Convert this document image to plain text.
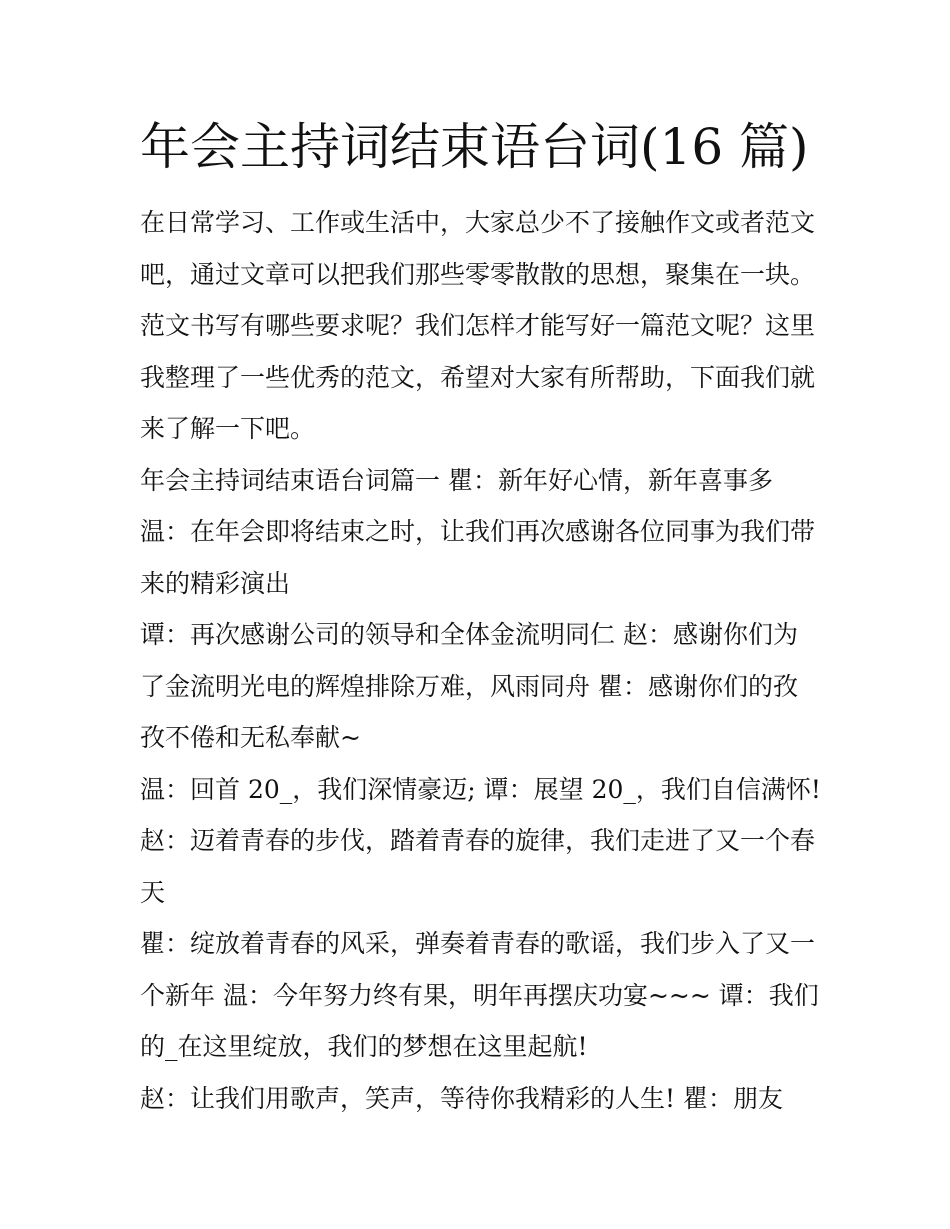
年会主持词结束语台词(16 篇)
在日常学习、工作或生活中，大家总少不了接触作文或者范文
吧，通过文章可以把我们那些零零散散的思想，聚集在一块。
范文书写有哪些要求呢？我们怎样才能写好一篇范文呢？这里
我整理了一些优秀的范文，希望对大家有所帮助，下面我们就
来了解一下吧。
年会主持词结束语台词篇一 瞿：新年好心情，新年喜事多
温：在年会即将结束之时，让我们再次感谢各位同事为我们带
来的精彩演出
谭：再次感谢公司的领导和全体金流明同仁 赵：感谢你们为
了金流明光电的辉煌排除万难，风雨同舟 瞿：感谢你们的孜
孜不倦和无私奉献~
温：回首 20_，我们深情豪迈; 谭：展望 20_，我们自信满怀!
赵：迈着青春的步伐，踏着青春的旋律，我们走进了又一个春
天
瞿：绽放着青春的风采，弹奏着青春的歌谣，我们步入了又一
个新年 温：今年努力终有果，明年再摆庆功宴~~~ 谭：我们
的_在这里绽放，我们的梦想在这里起航!
赵：让我们用歌声，笑声，等待你我精彩的人生! 瞿：朋友
